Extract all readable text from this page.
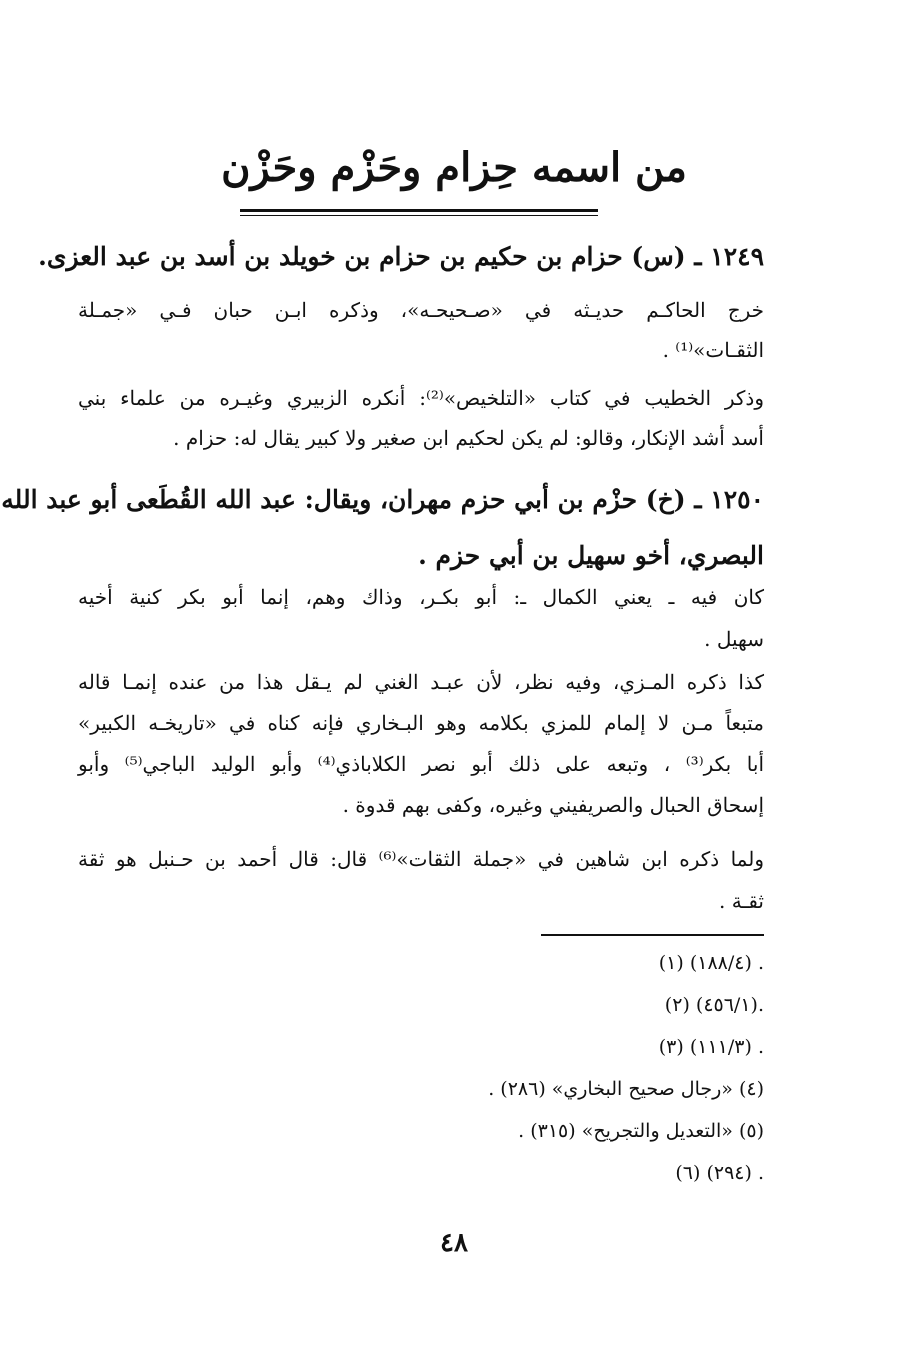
من اسمه حِزام وحَزْم وحَزْن
١٢٤٩ ـ (س) حزام بن حكيم بن حزام بن خويلد بن أسد بن عبد العزى.
خرج الحاكـم حديـثه في «صـحيحـه»، وذكره ابـن حبان فـي «جمـلة
الثقـات»⁽¹⁾ .
وذكر الخطيب في كتاب «التلخيص»⁽²⁾: أنكره الزبيري وغيـره من علماء بني
أسد أشد الإنكار، وقالو: لم يكن لحكيم ابن صغير ولا كبير يقال له: حزام .
١٢٥٠ ـ (خ) حزْم بن أبي حزم مهران، ويقال: عبد الله القُطَعى أبو عبد الله
البصري، أخو سهيل بن أبي حزم .
كان فيه ـ يعني الكمال ـ: أبو بكـر، وذاك وهم، إنما أبو بكر كنية أخيه
سهيل .
كذا ذكره المـزي، وفيه نظر، لأن عبـد الغني لم يـقل هذا من عنده إنمـا قاله
متبعاً مـن لا إلمام للمزي بكلامه وهو البـخاري فإنه كناه في «تاريخـه الكبير»
أبا بكر⁽³⁾ ، وتبعه على ذلك أبو نصر الكلاباذي⁽⁴⁾ وأبو الوليد الباجي⁽⁵⁾ وأبو
إسحاق الحبال والصريفيني وغيره، وكفى بهم قدوة .
ولما ذكره ابن شاهين في «جملة الثقات»⁽⁶⁾ قال: قال أحمد بن حـنبل هو ثقة
ثقـة .
(١) (١٨٨/٤) .
(٢) (٤٥٦/١).
(٣) (١١١/٣) .
(٤) «رجال صحيح البخاري» (٢٨٦) .
(٥) «التعديل والتجريح» (٣١٥) .
(٦) (٢٩٤) .
٤٨
